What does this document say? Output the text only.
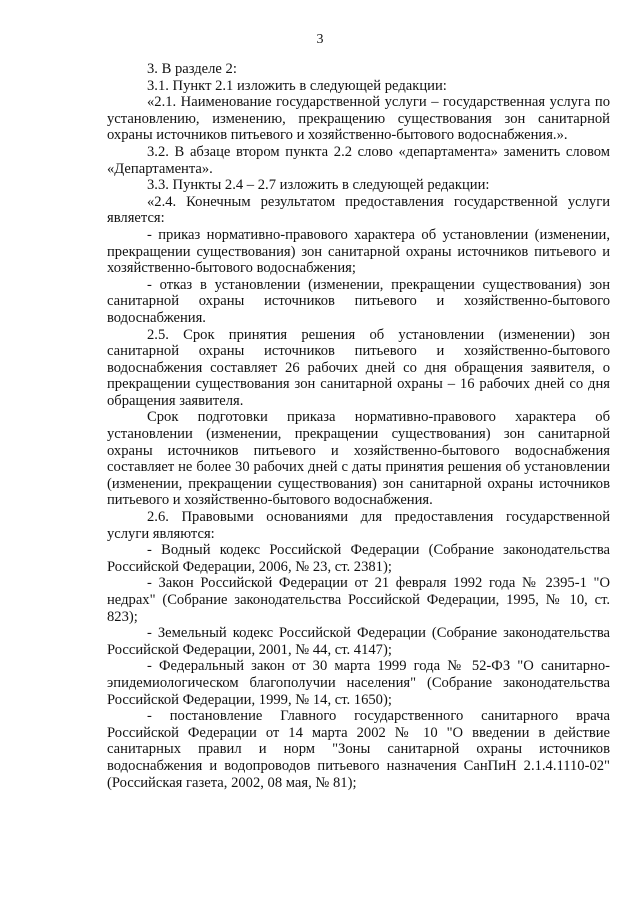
3

3. В разделе 2:

3.1. Пункт 2.1 изложить в следующей редакции:

«2.1. Наименование государственной услуги – государственная услуга по установлению, изменению, прекращению существования зон санитарной охраны источников питьевого и хозяйственно-бытового водоснабжения.».

3.2. В абзаце втором пункта 2.2 слово «департамента» заменить словом «Департамента».

3.3. Пункты 2.4 – 2.7 изложить в следующей редакции:

«2.4. Конечным результатом предоставления государственной услуги является:

- приказ нормативно-правового характера об установлении (изменении, прекращении существования) зон санитарной охраны источников питьевого и хозяйственно-бытового водоснабжения;

- отказ в установлении (изменении, прекращении существования) зон санитарной охраны источников питьевого и хозяйственно-бытового водоснабжения.

2.5. Срок принятия решения об установлении (изменении) зон санитарной охраны источников питьевого и хозяйственно-бытового водоснабжения составляет 26 рабочих дней со дня обращения заявителя, о прекращении существования зон санитарной охраны – 16 рабочих дней со дня обращения заявителя.

Срок подготовки приказа нормативно-правового характера об установлении (изменении, прекращении существования) зон санитарной охраны источников питьевого и хозяйственно-бытового водоснабжения составляет не более 30 рабочих дней с даты принятия решения об установлении (изменении, прекращении существования) зон санитарной охраны источников питьевого и хозяйственно-бытового водоснабжения.

2.6. Правовыми основаниями для предоставления государственной услуги являются:

- Водный кодекс Российской Федерации (Собрание законодательства Российской Федерации, 2006, № 23, ст. 2381);

- Закон Российской Федерации от 21 февраля 1992 года № 2395-1 "О недрах" (Собрание законодательства Российской Федерации, 1995, № 10, ст. 823);

- Земельный кодекс Российской Федерации (Собрание законодательства Российской Федерации, 2001, № 44, ст. 4147);

- Федеральный закон от 30 марта 1999 года № 52-ФЗ "О санитарно-эпидемиологическом благополучии населения" (Собрание законодательства Российской Федерации, 1999, № 14, ст. 1650);

- постановление Главного государственного санитарного врача Российской Федерации от 14 марта 2002 № 10 "О введении в действие санитарных правил и норм "Зоны санитарной охраны источников водоснабжения и водопроводов питьевого назначения СанПиН 2.1.4.1110-02" (Российская газета, 2002, 08 мая, № 81);
